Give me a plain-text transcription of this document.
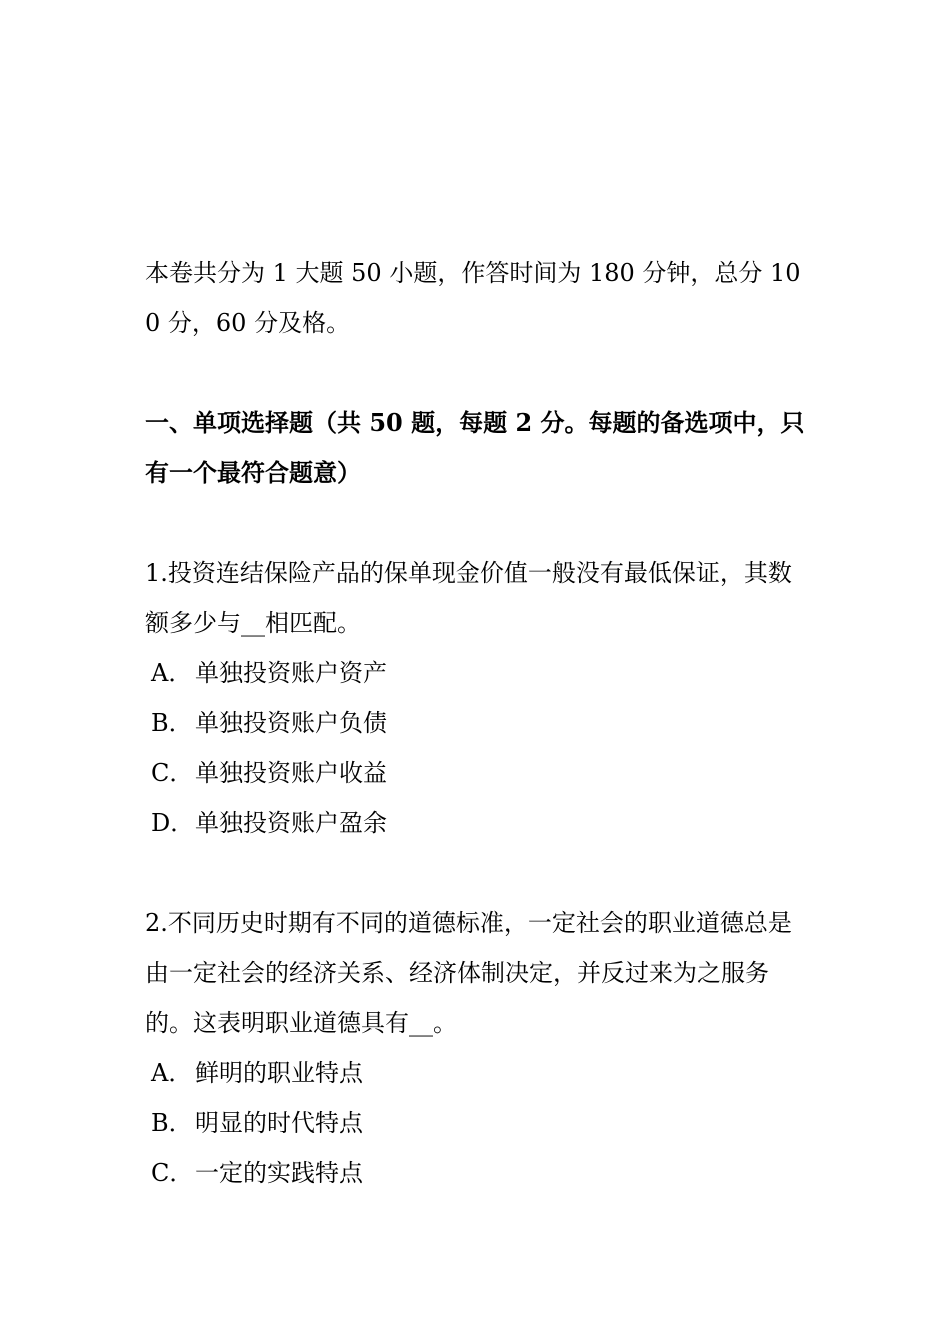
本卷共分为 1 大题 50 小题，作答时间为 180 分钟，总分 100 分，60 分及格。

一、单项选择题（共 50 题，每题 2 分。每题的备选项中，只有一个最符合题意）

1.投资连结保险产品的保单现金价值一般没有最低保证，其数额多少与__相匹配。

A． 单独投资账户资产

B．单独投资账户负债

C．单独投资账户收益

D．单独投资账户盈余

2.不同历史时期有不同的道德标准，一定社会的职业道德总是由一定社会的经济关系、经济体制决定，并反过来为之服务的。这表明职业道德具有__。

A． 鲜明的职业特点

B．明显的时代特点

C．一定的实践特点
